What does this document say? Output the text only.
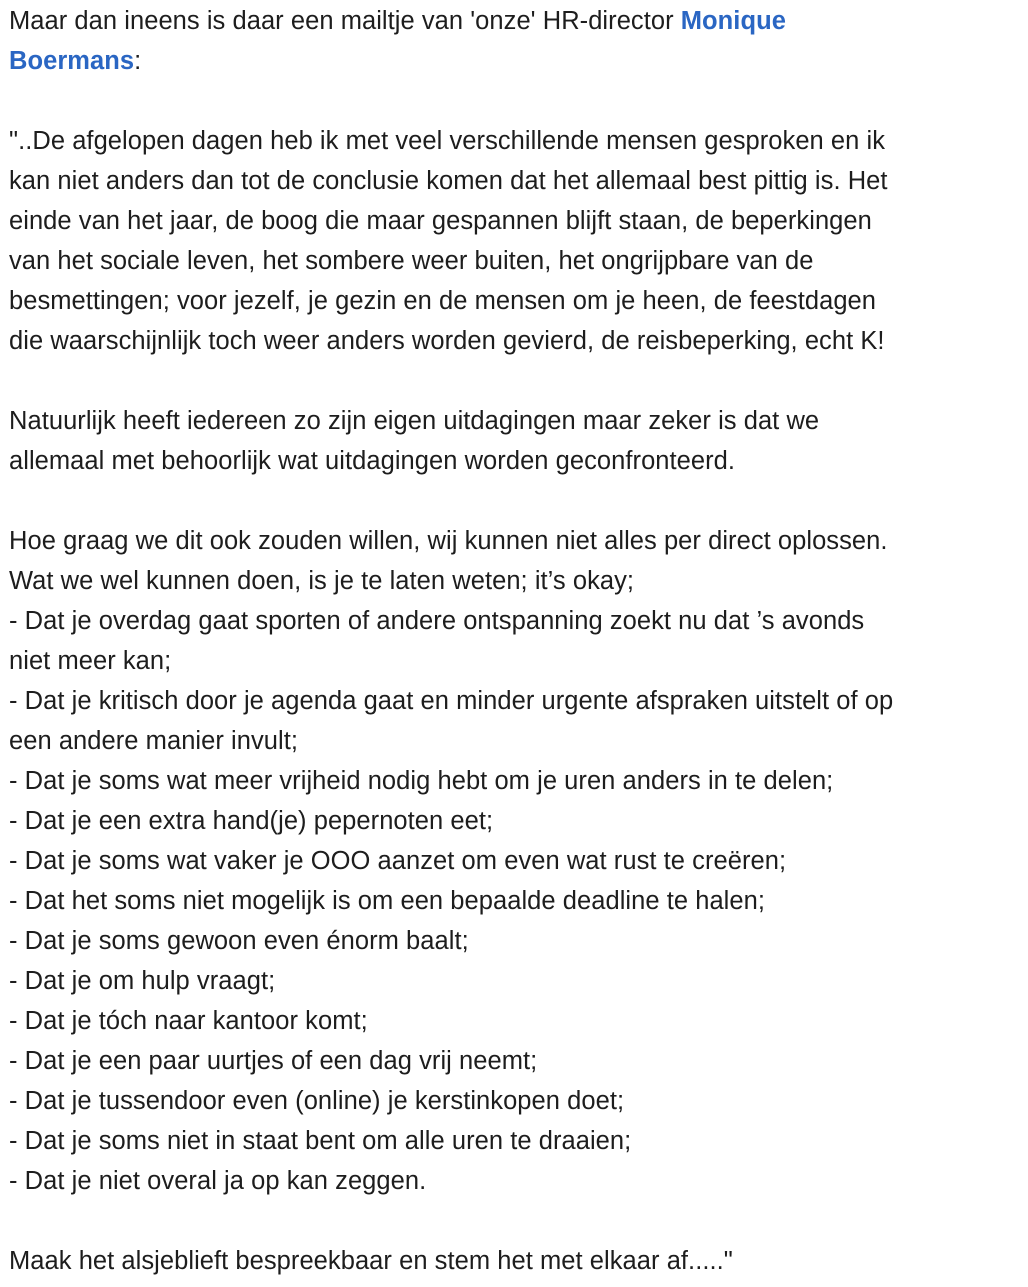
Maar dan ineens is daar een mailtje van 'onze' HR-director Monique
Boermans:
"..De afgelopen dagen heb ik met veel verschillende mensen gesproken en ik
kan niet anders dan tot de conclusie komen dat het allemaal best pittig is. Het
einde van het jaar, de boog die maar gespannen blijft staan, de beperkingen
van het sociale leven, het sombere weer buiten, het ongrijpbare van de
besmettingen; voor jezelf, je gezin en de mensen om je heen, de feestdagen
die waarschijnlijk toch weer anders worden gevierd, de reisbeperking, echt K!
Natuurlijk heeft iedereen zo zijn eigen uitdagingen maar zeker is dat we
allemaal met behoorlijk wat uitdagingen worden geconfronteerd.
Hoe graag we dit ook zouden willen, wij kunnen niet alles per direct oplossen.
Wat we wel kunnen doen, is je te laten weten; it’s okay;
- Dat je overdag gaat sporten of andere ontspanning zoekt nu dat ’s avonds
niet meer kan;
- Dat je kritisch door je agenda gaat en minder urgente afspraken uitstelt of op
een andere manier invult;
- Dat je soms wat meer vrijheid nodig hebt om je uren anders in te delen;
- Dat je een extra hand(je) pepernoten eet;
- Dat je soms wat vaker je OOO aanzet om even wat rust te creëren;
- Dat het soms niet mogelijk is om een bepaalde deadline te halen;
- Dat je soms gewoon even énorm baalt;
- Dat je om hulp vraagt;
- Dat je tóch naar kantoor komt;
- Dat je een paar uurtjes of een dag vrij neemt;
- Dat je tussendoor even (online) je kerstinkopen doet;
- Dat je soms niet in staat bent om alle uren te draaien;
- Dat je niet overal ja op kan zeggen.
Maak het alsjeblieft bespreekbaar en stem het met elkaar af....."
